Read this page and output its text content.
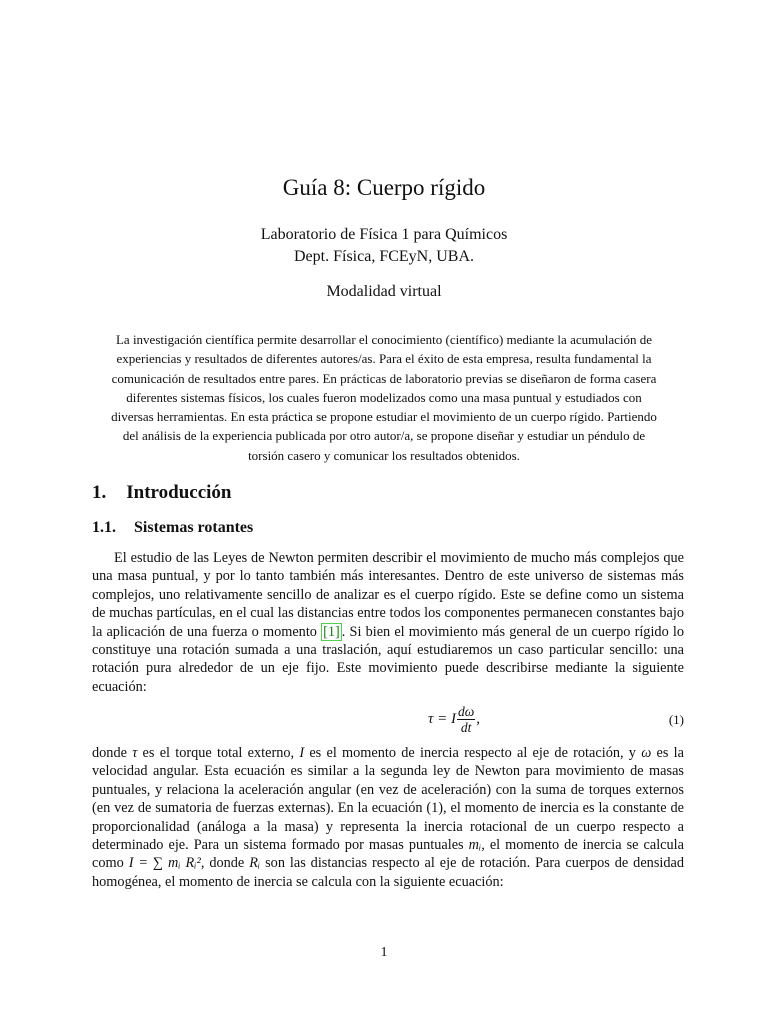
Guía 8: Cuerpo rígido
Laboratorio de Física 1 para Químicos
Dept. Física, FCEyN, UBA.
Modalidad virtual
La investigación científica permite desarrollar el conocimiento (científico) mediante la acumulación de
experiencias y resultados de diferentes autores/as. Para el éxito de esta empresa, resulta fundamental la
comunicación de resultados entre pares. En prácticas de laboratorio previas se diseñaron de forma casera
diferentes sistemas físicos, los cuales fueron modelizados como una masa puntual y estudiados con
diversas herramientas. En esta práctica se propone estudiar el movimiento de un cuerpo rígido. Partiendo
del análisis de la experiencia publicada por otro autor/a, se propone diseñar y estudiar un péndulo de
torsión casero y comunicar los resultados obtenidos.
1. Introducción
1.1. Sistemas rotantes
El estudio de las Leyes de Newton permiten describir el movimiento de mucho más complejos que una masa puntual, y por lo tanto también más interesantes. Dentro de este universo de sistemas más complejos, uno relativamente sencillo de analizar es el cuerpo rígido. Este se define como un sistema de muchas partículas, en el cual las distancias entre todos los componentes permanecen constantes bajo la aplicación de una fuerza o momento [1] . Si bien el movimiento más general de un cuerpo rígido lo constituye una rotación sumada a una traslación, aquí estudiaremos un caso particular sencillo: una rotación pura alrededor de un eje fijo. Este movimiento puede describirse mediante la siguiente ecuación:
τ = I $\frac{d\omega}{dt}$ ,	(1)
donde τ es el torque total externo, I es el momento de inercia respecto al eje de rotación, y ω es la velocidad angular. Esta ecuación es similar a la segunda ley de Newton para movimiento de masas puntuales, y relaciona la aceleración angular (en vez de aceleración) con la suma de torques externos (en vez de sumatoria de fuerzas externas). En la ecuación (1), el momento de inercia es la constante de proporcionalidad (análoga a la masa) y representa la inercia rotacional de un cuerpo respecto a determinado eje. Para un sistema formado por masas puntuales mᵢ, el momento de inercia se calcula como I = ∑ mᵢ Rᵢ², donde Rᵢ son las distancias respecto al eje de rotación. Para cuerpos de densidad homogénea, el momento de inercia se calcula con la siguiente ecuación:
1
